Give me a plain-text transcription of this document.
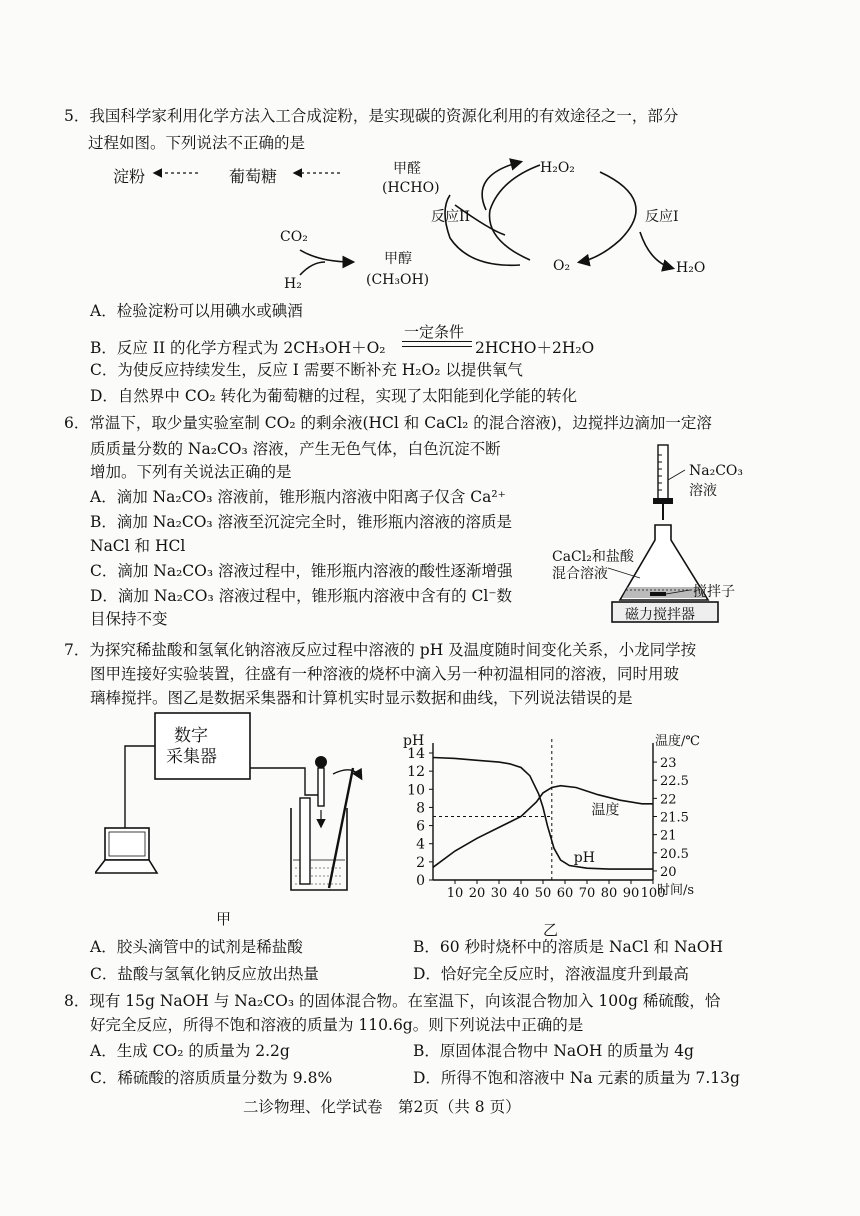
5．我国科学家利用化学方法入工合成淀粉，是实现碳的资源化利用的有效途径之一，部分
过程如图。下列说法不正确的是
淀粉	葡萄糖	甲醛
(HCHO)
H₂O₂
反应II	反应I
CO₂
H₂
甲醇
(CH₃OH)
O₂	H₂O
A．检验淀粉可以用碘水或碘酒
B．反应 II 的化学方程式为 2CH₃OH＋O₂
一定条件
2HCHO＋2H₂O
C．为使反应持续发生，反应 I 需要不断补充 H₂O₂ 以提供氧气
D．自然界中 CO₂ 转化为葡萄糖的过程，实现了太阳能到化学能的转化
6．常温下，取少量实验室制 CO₂ 的剩余液(HCl 和 CaCl₂ 的混合溶液)，边搅拌边滴加一定溶
质质量分数的 Na₂CO₃ 溶液，产生无色气体，白色沉淀不断
增加。下列有关说法正确的是
A．滴加 Na₂CO₃ 溶液前，锥形瓶内溶液中阳离子仅含 Ca²⁺
B．滴加 Na₂CO₃ 溶液至沉淀完全时，锥形瓶内溶液的溶质是
NaCl 和 HCl
C．滴加 Na₂CO₃ 溶液过程中，锥形瓶内溶液的酸性逐渐增强
D．滴加 Na₂CO₃ 溶液过程中，锥形瓶内溶液中含有的 Cl⁻数
目保持不变
Na₂CO₃
溶液
CaCl₂和盐酸
混合溶液
搅拌子
磁力搅拌器
7．为探究稀盐酸和氢氧化钠溶液反应过程中溶液的 pH 及温度随时间变化关系，小龙同学按
图甲连接好实验装置，往盛有一种溶液的烧杯中滴入另一种初温相同的溶液，同时用玻
璃棒搅拌。图乙是数据采集器和计算机实时显示数据和曲线，下列说法错误的是
数字
采集器
甲
pH	温度/℃
时间/s
0
2
4
6
8
10
12
14
20
20.5
21
21.5
22
22.5
23
10 20 30 40 50 60 70 80 90 100
温度
pH
乙
A．胶头滴管中的试剂是稀盐酸	B．60 秒时烧杯中的溶质是 NaCl 和 NaOH
C．盐酸与氢氧化钠反应放出热量	D．恰好完全反应时，溶液温度升到最高
8．现有 15g NaOH 与 Na₂CO₃ 的固体混合物。在室温下，向该混合物加入 100g 稀硫酸，恰
好完全反应，所得不饱和溶液的质量为 110.6g。则下列说法中正确的是
A．生成 CO₂ 的质量为 2.2g	B．原固体混合物中 NaOH 的质量为 4g
C．稀硫酸的溶质质量分数为 9.8%	D．所得不饱和溶液中 Na 元素的质量为 7.13g
二诊物理、化学试卷　第2页（共 8 页）
